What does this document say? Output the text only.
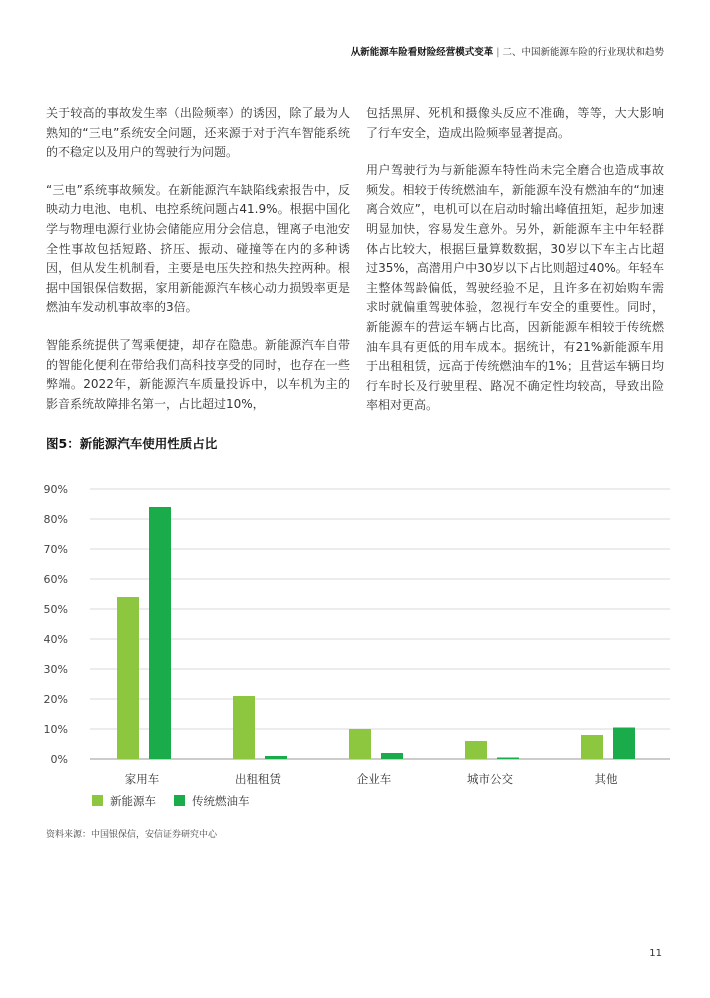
从新能源车险看财险经营模式变革 | 二、中国新能源车险的行业现状和趋势

关于较高的事故发生率（出险频率）的诱因，除了最为人熟知的“三电”系统安全问题，还来源于对于汽车智能系统的不稳定以及用户的驾驶行为问题。

“三电”系统事故频发。在新能源汽车缺陷线索报告中，反映动力电池、电机、电控系统问题占41.9%。根据中国化学与物理电源行业协会储能应用分会信息，锂离子电池安全性事故包括短路、挤压、振动、碰撞等在内的多种诱因，但从发生机制看，主要是电压失控和热失控两种。根据中国银保信数据，家用新能源汽车核心动力损毁率更是燃油车发动机事故率的3倍。

智能系统提供了驾乘便捷，却存在隐患。新能源汽车自带的智能化便利在带给我们高科技享受的同时，也存在一些弊端。2022年，新能源汽车质量投诉中，以车机为主的影音系统故障排名第一，占比超过10%，

包括黑屏、死机和摄像头反应不准确，等等，大大影响了行车安全，造成出险频率显著提高。

用户驾驶行为与新能源车特性尚未完全磨合也造成事故频发。相较于传统燃油车，新能源车没有燃油车的“加速离合效应”，电机可以在启动时输出峰值扭矩，起步加速明显加快，容易发生意外。另外，新能源车主中年轻群体占比较大，根据巨量算数数据，30岁以下车主占比超过35%，高潜用户中30岁以下占比则超过40%。年轻车主整体驾龄偏低，驾驶经验不足，且许多在初始购车需求时就偏重驾驶体验，忽视行车安全的重要性。同时，新能源车的营运车辆占比高，因新能源车相较于传统燃油车具有更低的用车成本。据统计，有21%新能源车用于出租租赁，远高于传统燃油车的1%；且营运车辆日均行车时长及行驶里程、路况不确定性均较高，导致出险率相对更高。

图5：新能源汽车使用性质占比
0%
10%
20%
30%
40%
50%
60%
70%
80%
90%
家用车	出租租赁	企业车	城市公交	其他
新能源车	传统燃油车
资料来源：中国银保信，安信证券研究中心
11
